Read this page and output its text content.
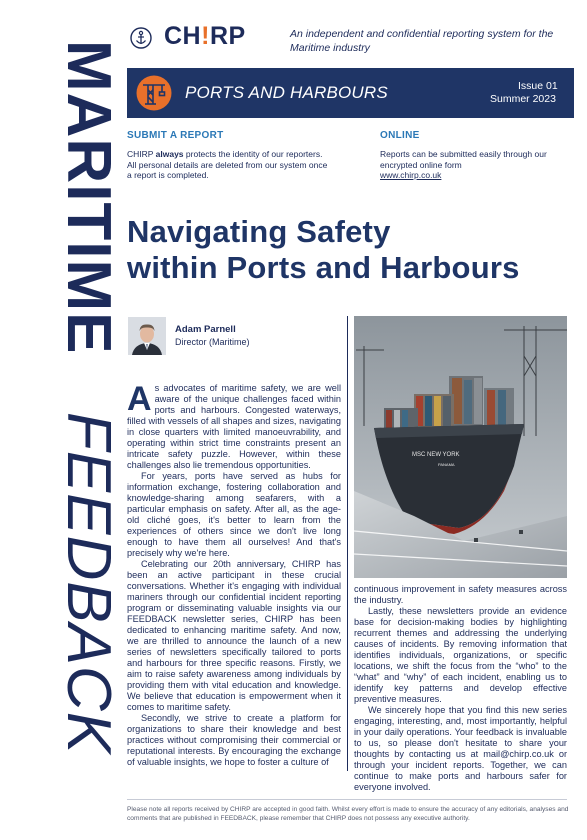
MARITIME
FEEDBACK
CH!RP	An independent and confidential reporting system for the Maritime industry
PORTS AND HARBOURS	Issue 01
Summer 2023
SUBMIT A REPORT
CHIRP always protects the identity of our reporters. All personal details are deleted from our system once a report is completed.
ONLINE
Reports can be submitted easily through our encrypted online form
www.chirp.co.uk
Navigating Safety
within Ports and Harbours
Adam Parnell
Director (Maritime)
MSC NEW YORK
PANAMA

As advocates of maritime safety, we are well aware of the unique challenges faced within ports and harbours. Congested waterways, filled with vessels of all shapes and sizes, navigating in close quarters with limited manoeuvrability, and operating within strict time constraints present an intricate safety puzzle. However, within these challenges also lie tremendous opportunities.

For years, ports have served as hubs for information exchange, fostering collaboration and knowledge-sharing among seafarers, with a particular emphasis on safety. After all, as the age-old cliché goes, it's better to learn from the experiences of others since we don't live long enough to have them all ourselves! And that's precisely why we're here.

Celebrating our 20th anniversary, CHIRP has been an active participant in these crucial conversations. Whether it's engaging with individual mariners through our confidential incident reporting program or disseminating valuable insights via our FEEDBACK newsletter series, CHIRP has been dedicated to enhancing maritime safety. And now, we are thrilled to announce the launch of a new series of newsletters specifically tailored to ports and harbours for three specific reasons. Firstly, we aim to raise safety awareness among individuals by providing them with vital education and knowledge. We believe that education is empowerment when it comes to maritime safety.

Secondly, we strive to create a platform for organizations to share their knowledge and best practices without compromising their commercial or reputational interests. By encouraging the exchange of valuable insights, we hope to foster a culture of

continuous improvement in safety measures across the industry.

Lastly, these newsletters provide an evidence base for decision-making bodies by highlighting recurrent themes and addressing the underlying causes of incidents. By removing information that identifies individuals, organizations, or specific locations, we shift the focus from the “who” to the “what” and “why” of each incident, enabling us to identify key patterns and develop effective preventive measures.

We sincerely hope that you find this new series engaging, interesting, and, most importantly, helpful in your daily operations. Your feedback is invaluable to us, so please don't hesitate to share your thoughts by contacting us at mail@chirp.co.uk or through your incident reports. Together, we can continue to make ports and harbours safer for everyone involved.

Please note all reports received by CHIRP are accepted in good faith. Whilst every effort is made to ensure the accuracy of any editorials, analyses and comments that are published in FEEDBACK, please remember that CHIRP does not possess any executive authority.
